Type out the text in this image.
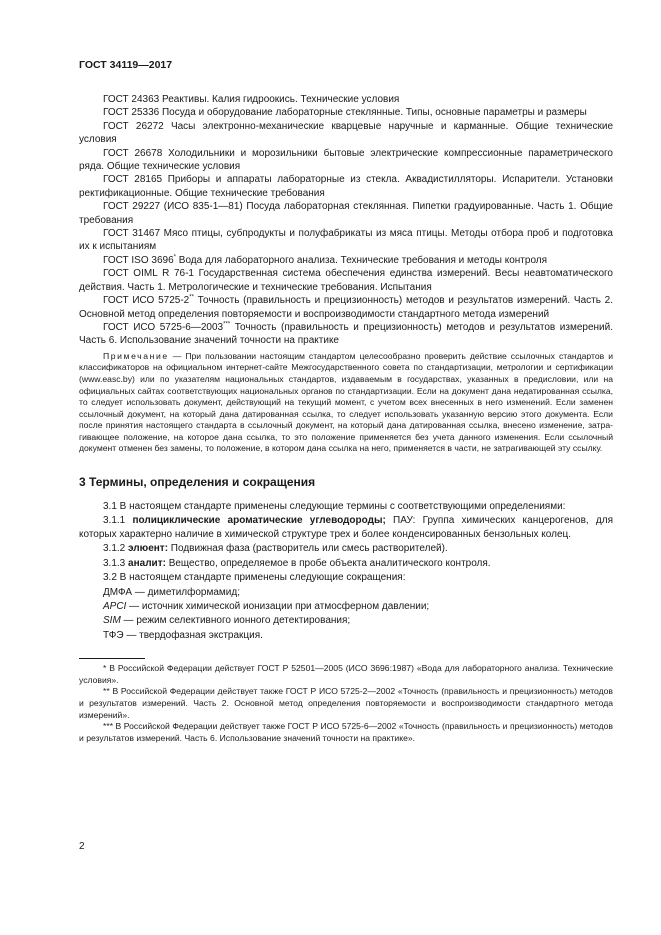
ГОСТ 34119—2017

ГОСТ 24363 Реактивы. Калия гидроокись. Технические условия

ГОСТ 25336 Посуда и оборудование лабораторные стеклянные. Типы, основные параметры и размеры

ГОСТ 26272 Часы электронно-механические кварцевые наручные и карманные. Общие технические условия

ГОСТ 26678 Холодильники и морозильники бытовые электрические компрессионные параметрического ряда. Общие технические условия

ГОСТ 28165 Приборы и аппараты лабораторные из стекла. Аквадистилляторы. Испарители. Установки ректификационные. Общие технические требования

ГОСТ 29227 (ИСО 835-1—81) Посуда лабораторная стеклянная. Пипетки градуированные. Часть 1. Общие требования

ГОСТ 31467 Мясо птицы, субпродукты и полуфабрикаты из мяса птицы. Методы отбора проб и подготовка их к испытаниям

ГОСТ ISO 3696* Вода для лабораторного анализа. Технические требования и методы контроля

ГОСТ OIML R 76-1 Государственная система обеспечения единства измерений. Весы неавтоматического действия. Часть 1. Метрологические и технические требования. Испытания

ГОСТ ИСО 5725-2** Точность (правильность и прецизионность) методов и результатов измерений. Часть 2. Основной метод определения повторяемости и воспроизводимости стандартного метода измерений

ГОСТ ИСО 5725-6—2003*** Точность (правильность и прецизионность) методов и результатов измерений. Часть 6. Использование значений точности на практике

Примечание — При пользовании настоящим стандартом целесообразно проверить действие ссылочных стандартов и классификаторов на официальном интернет-сайте Межгосударственного совета по стандартизации, метрологии и сертификации (www.easc.by) или по указателям национальных стандартов, издаваемым в государствах, указанных в предисловии, или на официальных сайтах соответствующих национальных органов по стандартизации. Если на документ дана недатированная ссылка, то следует использовать документ, действующий на текущий момент, с учетом всех внесенных в него изменений. Если заменен ссылочный документ, на который дана датированная ссылка, то следует использовать указанную версию этого документа. Если после принятия настоящего стандарта в ссылочный документ, на который дана датированная ссылка, внесено изменение, затрагивающее положение, на которое дана ссылка, то это положение применяется без учета данного изменения. Если ссылочный документ отменен без замены, то положение, в котором дана ссылка на него, применяется в части, не затрагивающей эту ссылку.

3 Термины, определения и сокращения

3.1 В настоящем стандарте применены следующие термины с соответствующими определениями:

3.1.1 полициклические ароматические углеводороды; ПАУ: Группа химических канцерогенов, для которых характерно наличие в химической структуре трех и более конденсированных бензольных колец.

3.1.2 элюент: Подвижная фаза (растворитель или смесь растворителей).

3.1.3 аналит: Вещество, определяемое в пробе объекта аналитического контроля.

3.2 В настоящем стандарте применены следующие сокращения:

ДМФА — диметилформамид;

APCI — источник химической ионизации при атмосферном давлении;

SIM — режим селективного ионного детектирования;

ТФЭ — твердофазная экстракция.

* В Российской Федерации действует ГОСТ Р 52501—2005 (ИСО 3696:1987) «Вода для лабораторного анализа. Технические условия».

** В Российской Федерации действует также ГОСТ Р ИСО 5725-2—2002 «Точность (правильность и прецизионность) методов и результатов измерений. Часть 2. Основной метод определения повторяемости и воспроизводимости стандартного метода измерений».

*** В Российской Федерации действует также ГОСТ Р ИСО 5725-6—2002 «Точность (правильность и прецизионность) методов и результатов измерений. Часть 6. Использование значений точности на практике».

2
